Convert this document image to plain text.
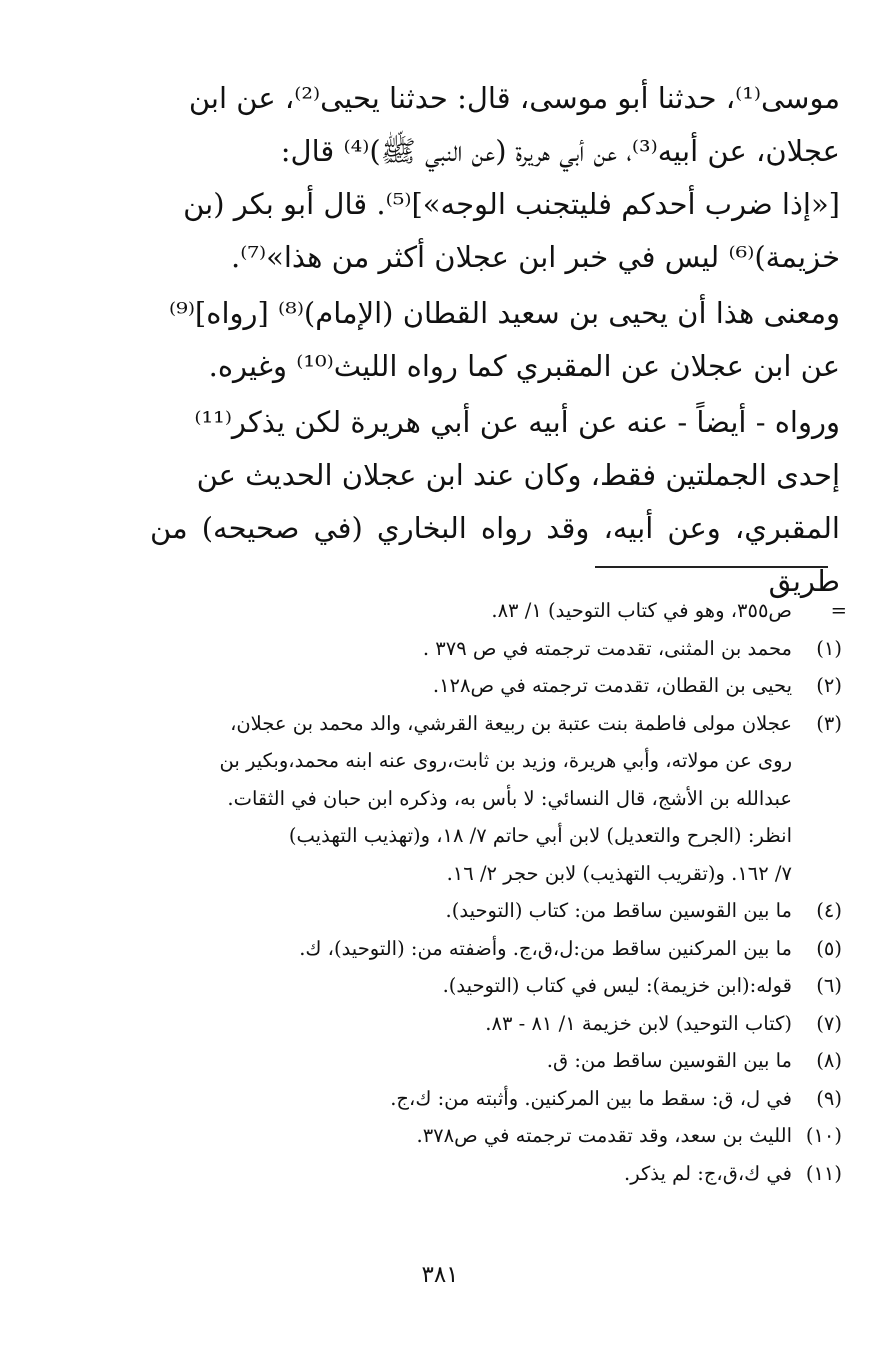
موسى⁽¹⁾، حدثنا أبو موسى، قال: حدثنا يحيى⁽²⁾، عن ابن

عجلان، عن أبيه⁽³⁾، عن أبي هريرة (عن النبي ﷺ)⁽⁴⁾ قال:

[«إذا ضرب أحدكم فليتجنب الوجه»]⁽⁵⁾. قال أبو بكر (بن

خزيمة)⁽⁶⁾ ليس في خبر ابن عجلان أكثر من هذا»⁽⁷⁾.

ومعنى هذا أن يحيى بن سعيد القطان (الإمام)⁽⁸⁾ [رواه]⁽⁹⁾

عن ابن عجلان عن المقبري كما رواه الليث⁽¹⁰⁾ وغيره.

ورواه - أيضاً - عنه عن أبيه عن أبي هريرة لكن يذكر⁽¹¹⁾

إحدى الجملتين فقط، وكان عند ابن عجلان الحديث عن

المقبري، وعن أبيه، وقد رواه البخاري (في صحيحه) من طريق

=
ص٣٥٥، وهو في كتاب التوحيد) ١/ ٨٣.
(١)
محمد بن المثنى، تقدمت ترجمته في ص ٣٧٩ .
(٢)
يحيى بن القطان، تقدمت ترجمته في ص١٢٨.
(٣)
عجلان مولى فاطمة بنت عتبة بن ربيعة القرشي، والد محمد بن عجلان،
روى عن مولاته، وأبي هريرة، وزيد بن ثابت،روى عنه ابنه محمد،وبكير بن
عبدالله بن الأشج، قال النسائي: لا بأس به، وذكره ابن حبان في الثقات.
انظر: (الجرح والتعديل) لابن أبي حاتم ٧/ ١٨، و(تهذيب التهذيب)
٧/ ١٦٢. و(تقريب التهذيب) لابن حجر ٢/ ١٦.
(٤)
ما بين القوسين ساقط من: كتاب (التوحيد).
(٥)
ما بين المركنين ساقط من:ل،ق،ج. وأضفته من: (التوحيد)، ك.
(٦)
قوله:(ابن خزيمة): ليس في كتاب (التوحيد).
(٧)
(كتاب التوحيد) لابن خزيمة ١/ ٨١ - ٨٣.
(٨)
ما بين القوسين ساقط من: ق.
(٩)
في ل، ق: سقط ما بين المركنين. وأثبته من: ك،ج.
(١٠)
الليث بن سعد، وقد تقدمت ترجمته في ص٣٧٨.
(١١)
في ك،ق،ج: لم يذكر.
٣٨١
